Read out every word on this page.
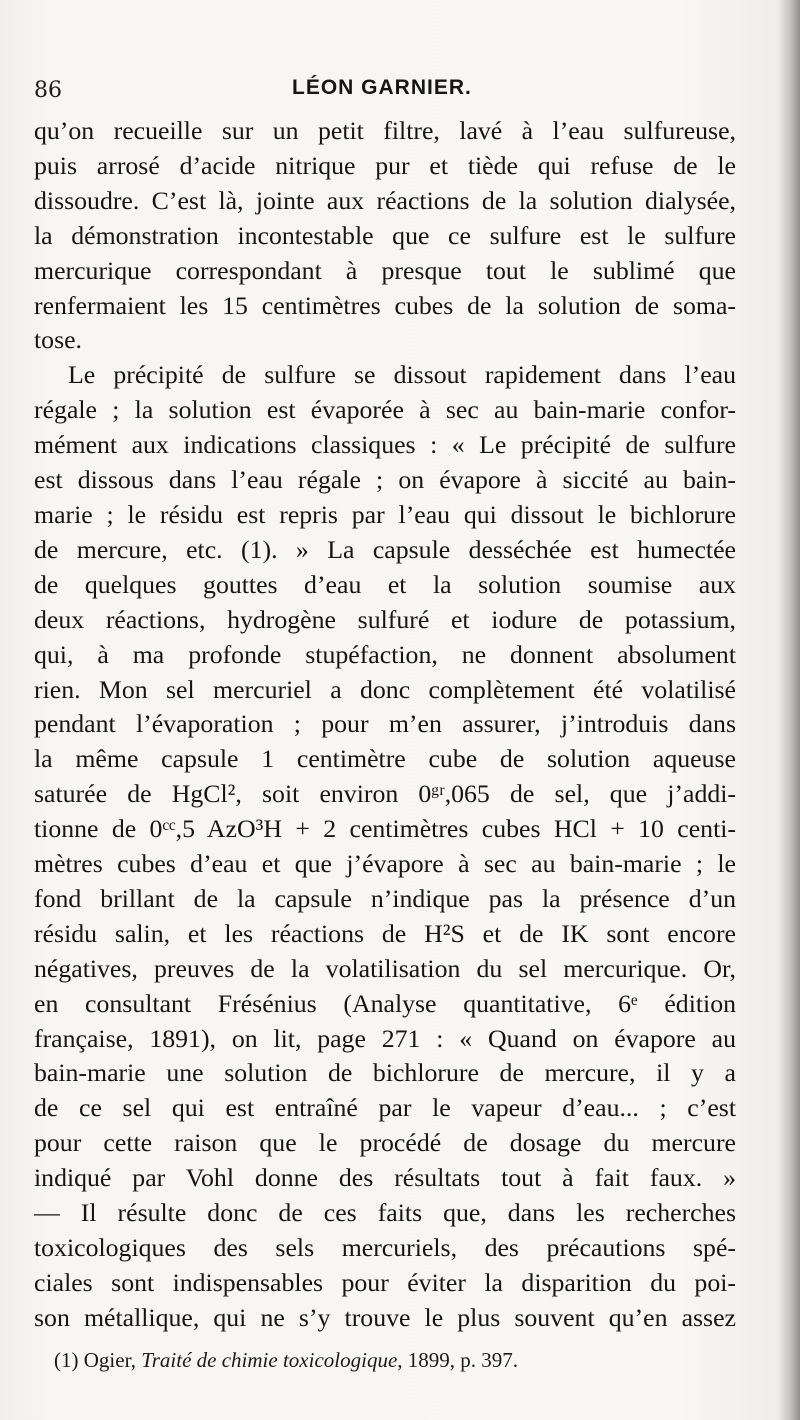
86	LÉON GARNIER.
qu’on recueille sur un petit filtre, lavé à l’eau sulfureuse,
puis arrosé d’acide nitrique pur et tiède qui refuse de le
dissoudre. C’est là, jointe aux réactions de la solution dialysée,
la démonstration incontestable que ce sulfure est le sulfure
mercurique correspondant à presque tout le sublimé que
renfermaient les 15 centimètres cubes de la solution de soma-
tose.
Le précipité de sulfure se dissout rapidement dans l’eau
régale ; la solution est évaporée à sec au bain-marie confor-
mément aux indications classiques : « Le précipité de sulfure
est dissous dans l’eau régale ; on évapore à siccité au bain-
marie ; le résidu est repris par l’eau qui dissout le bichlorure
de mercure, etc. (1). » La capsule desséchée est humectée
de quelques gouttes d’eau et la solution soumise aux
deux réactions, hydrogène sulfuré et iodure de potassium,
qui, à ma profonde stupéfaction, ne donnent absolument
rien. Mon sel mercuriel a donc complètement été volatilisé
pendant l’évaporation ; pour m’en assurer, j’introduis dans
la même capsule 1 centimètre cube de solution aqueuse
saturée de HgCl², soit environ 0ᵍʳ,065 de sel, que j’addi-
tionne de 0ᶜᶜ,5 AzO³H + 2 centimètres cubes HCl + 10 centi-
mètres cubes d’eau et que j’évapore à sec au bain-marie ; le
fond brillant de la capsule n’indique pas la présence d’un
résidu salin, et les réactions de H²S et de IK sont encore
négatives, preuves de la volatilisation du sel mercurique. Or,
en consultant Frésénius (Analyse quantitative, 6ᵉ édition
française, 1891), on lit, page 271 : « Quand on évapore au
bain-marie une solution de bichlorure de mercure, il y a
de ce sel qui est entraîné par le vapeur d’eau... ; c’est
pour cette raison que le procédé de dosage du mercure
indiqué par Vohl donne des résultats tout à fait faux. »
— Il résulte donc de ces faits que, dans les recherches
toxicologiques des sels mercuriels, des précautions spé-
ciales sont indispensables pour éviter la disparition du poi-
son métallique, qui ne s’y trouve le plus souvent qu’en assez

(1) Ogier, Traité de chimie toxicologique, 1899, p. 397.
